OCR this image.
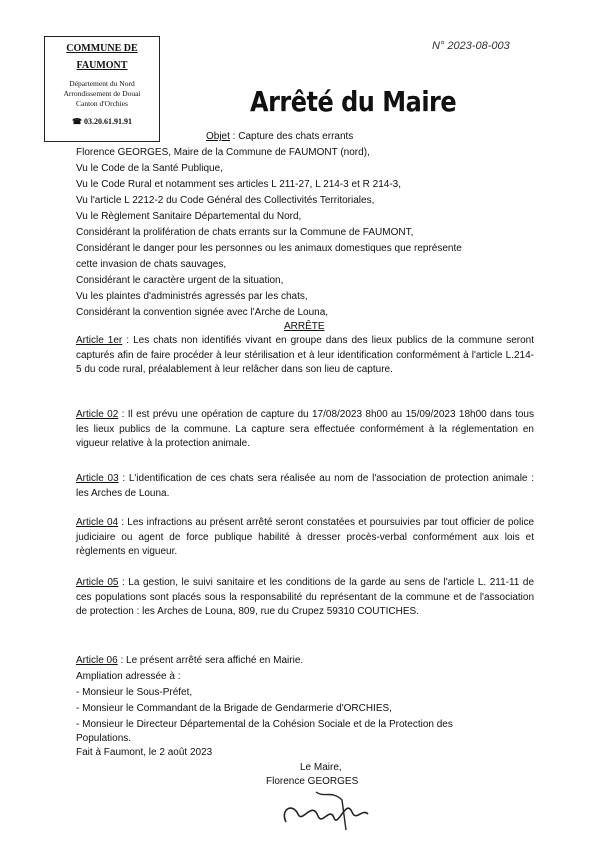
COMMUNE DE
FAUMONT
Département du Nord
Arrondissement de Douai
Canton d'Orchies
☎ 03.20.61.91.91
N° 2023-08-003
Arrêté du Maire
Objet : Capture des chats errants
Florence GEORGES, Maire de la Commune de FAUMONT (nord),
Vu le Code de la Santé Publique,
Vu le Code Rural et notamment ses articles L 211-27, L 214-3 et R 214-3,
Vu l'article L 2212-2 du Code Général des Collectivités Territoriales,
Vu le Règlement Sanitaire Départemental du Nord,
Considérant la prolifération de chats errants sur la Commune de FAUMONT,
Considérant le danger pour les personnes ou les animaux domestiques que représente
cette invasion de chats sauvages,
Considérant le caractère urgent de la situation,
Vu les plaintes d'administrés agressés par les chats,
Considérant la convention signée avec l'Arche de Louna,
ARRÊTE
Article 1er : Les chats non identifiés vivant en groupe dans des lieux publics de la commune seront capturés afin de faire procéder à leur stérilisation et à leur identification conformément à l'article L.214-5 du code rural, préalablement à leur relâcher dans son lieu de capture.
Article 02 : Il est prévu une opération de capture du 17/08/2023 8h00 au 15/09/2023 18h00 dans tous les lieux publics de la commune. La capture sera effectuée conformément à la réglementation en vigueur relative à la protection animale.
Article 03 : L'identification de ces chats sera réalisée au nom de l'association de protection animale : les Arches de Louna.
Article 04 : Les infractions au présent arrêté seront constatées et poursuivies par tout officier de police judiciaire ou agent de force publique habilité à dresser procès-verbal conformément aux lois et règlements en vigueur.
Article 05 : La gestion, le suivi sanitaire et les conditions de la garde au sens de l'article L. 211-11 de ces populations sont placés sous la responsabilité du représentant de la commune et de l'association de protection : les Arches de Louna, 809, rue du Crupez 59310 COUTICHES.
Article 06 : Le présent arrêté sera affiché en Mairie.
Ampliation adressée à :
- Monsieur le Sous-Préfet,
- Monsieur le Commandant de la Brigade de Gendarmerie d'ORCHIES,
- Monsieur le Directeur Départemental de la Cohésion Sociale et de la Protection des
Populations.
Fait à Faumont, le 2 août 2023
Le Maire,
Florence GEORGES
